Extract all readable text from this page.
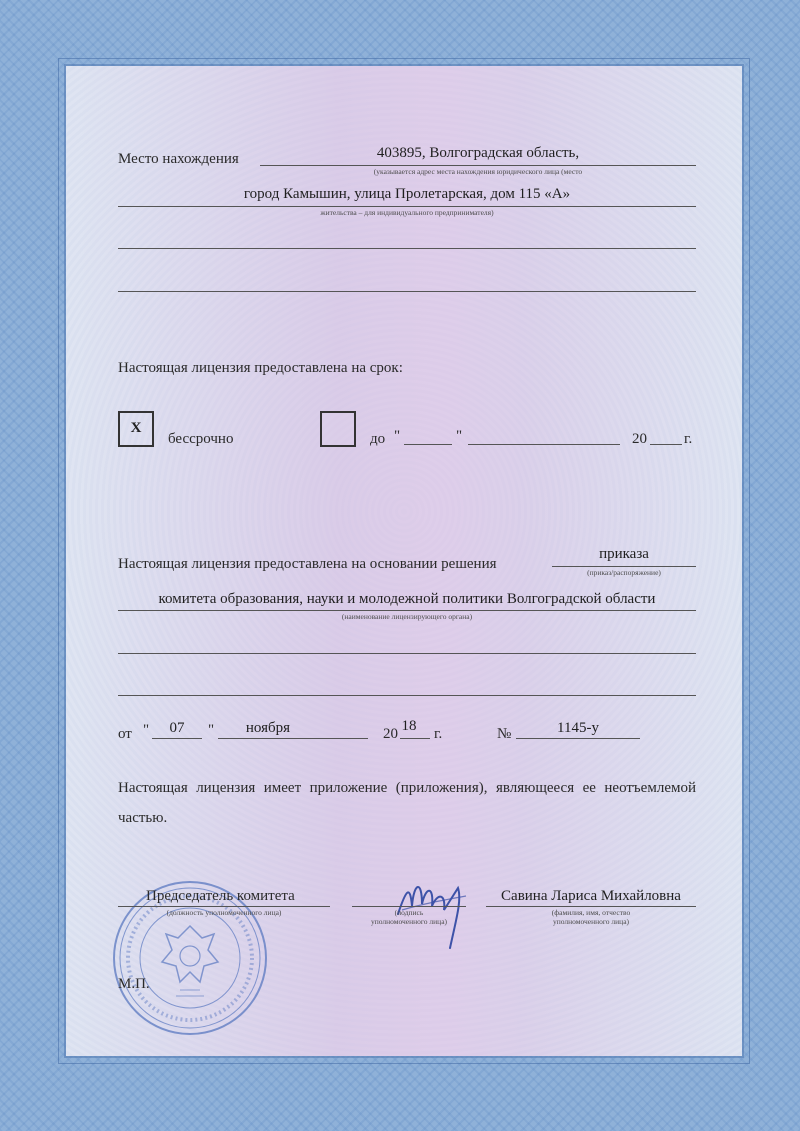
Место нахождения	403895, Волгоградская область,
(указывается адрес места нахождения юридического лица (место
город Камышин, улица Пролетарская, дом 115 «А»
жительства – для индивидуального предпринимателя)
Настоящая лицензия предоставлена на срок:
X
бессрочно	до "	"	20 г.
Настоящая лицензия предоставлена на основании решения
приказа
(приказ/распоряжение)
комитета образования, науки и молодежной политики Волгоградской области
(наименование лицензирующего органа)
от "	07	"	ноября	20 18 г.	№	1145-у
Настоящая лицензия имеет приложение (приложения), являющееся ее неотъемлемой частью.
Председатель комитета
(должность уполномоченного лица)	(подпись
уполномоченного лица)
Савина Лариса Михайловна
(фамилия, имя, отчество
уполномоченного лица)
М.П.
